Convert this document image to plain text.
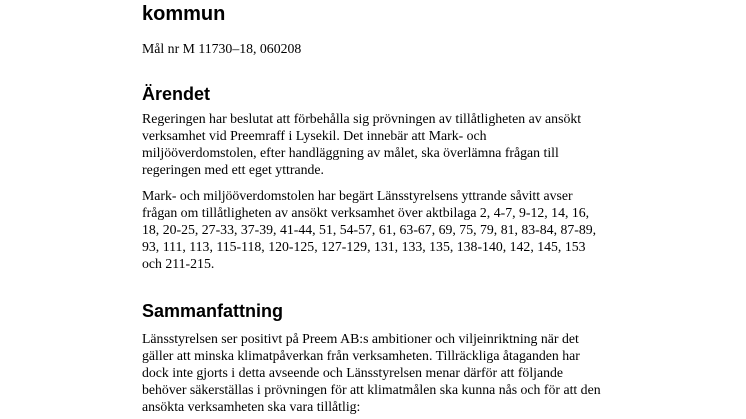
kommun
Mål nr M 11730–18, 060208
Ärendet

Regeringen har beslutat att förbehålla sig prövningen av tillåtligheten av ansökt
verksamhet vid Preemraff i Lysekil. Det innebär att Mark- och
miljööverdomstolen, efter handläggning av målet, ska överlämna frågan till
regeringen med ett eget yttrande.

Mark- och miljööverdomstolen har begärt Länsstyrelsens yttrande såvitt avser
frågan om tillåtligheten av ansökt verksamhet över aktbilaga 2, 4-7, 9-12, 14, 16,
18, 20-25, 27-33, 37-39, 41-44, 51, 54-57, 61, 63-67, 69, 75, 79, 81, 83-84, 87-89,
93, 111, 113, 115-118, 120-125, 127-129, 131, 133, 135, 138-140, 142, 145, 153
och 211-215.

Sammanfattning

Länsstyrelsen ser positivt på Preem AB:s ambitioner och viljeinriktning när det
gäller att minska klimatpåverkan från verksamheten. Tillräckliga åtaganden har
dock inte gjorts i detta avseende och Länsstyrelsen menar därför att följande
behöver säkerställas i prövningen för att klimatmålen ska kunna nås och för att den
ansökta verksamheten ska vara tillåtlig:
